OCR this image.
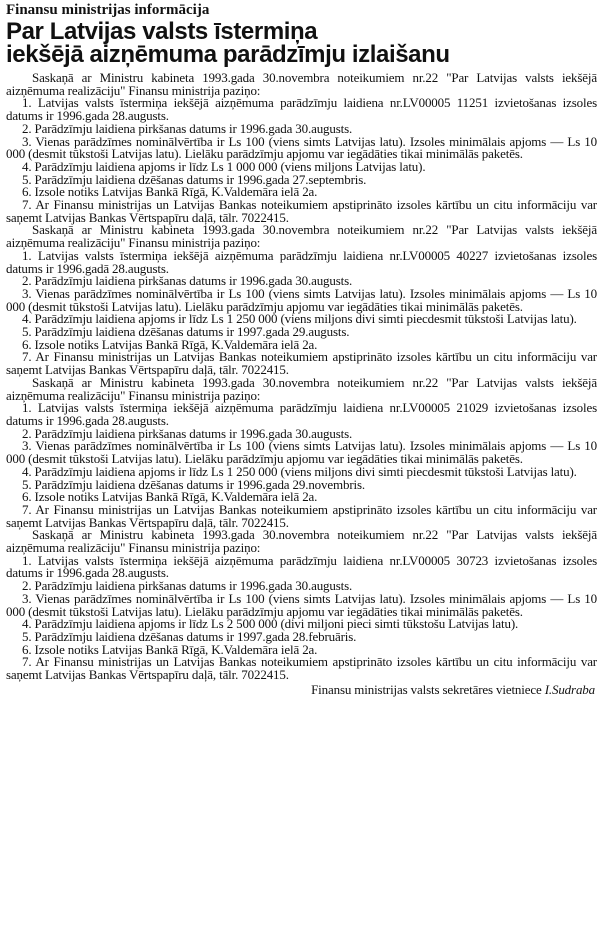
Finansu ministrijas informācija
Par Latvijas valsts īstermiņa
iekšējā aizņēmuma parādzīmju izlaišanu

Saskaņā ar Ministru kabineta 1993.gada 30.novembra noteikumiem nr.22 "Par Latvijas valsts iekšējā aizņēmuma realizāciju" Finansu ministrija paziņo:

1. Latvijas valsts īstermiņa iekšējā aizņēmuma parādzīmju laidiena nr.LV00005 11251 izvietošanas izsoles datums ir 1996.gada 28.augusts.

2. Parādzīmju laidiena pirkšanas datums ir 1996.gada 30.augusts.

3. Vienas parādzīmes nominālvērtība ir Ls 100 (viens simts Latvijas latu). Izsoles minimālais apjoms — Ls 10 000 (desmit tūkstoši Latvijas latu). Lielāku parādzīmju apjomu var iegādāties tikai minimālās paketēs.

4. Parādzīmju laidiena apjoms ir līdz Ls 1 000 000 (viens miljons Latvijas latu).

5. Parādzīmju laidiena dzēšanas datums ir 1996.gada 27.septembris.

6. Izsole notiks Latvijas Bankā Rīgā, K.Valdemāra ielā 2a.

7. Ar Finansu ministrijas un Latvijas Bankas noteikumiem apstiprināto izsoles kārtību un citu informāciju var saņemt Latvijas Bankas Vērtspapīru daļā, tālr. 7022415.

Saskaņā ar Ministru kabineta 1993.gada 30.novembra noteikumiem nr.22 "Par Latvijas valsts iekšējā aizņēmuma realizāciju" Finansu ministrija paziņo:

1. Latvijas valsts īstermiņa iekšējā aizņēmuma parādzīmju laidiena nr.LV00005 40227 izvietošanas izsoles datums ir 1996.gadā 28.augusts.

2. Parādzīmju laidiena pirkšanas datums ir 1996.gada 30.augusts.

3. Vienas parādzīmes nominālvērtība ir Ls 100 (viens simts Latvijas latu). Izsoles minimālais apjoms — Ls 10 000 (desmit tūkstoši Latvijas latu). Lielāku parādzīmju apjomu var iegādāties tikai minimālās paketēs.

4. Parādzīmju laidiena apjoms ir līdz Ls 1 250 000 (viens miljons divi simti piecdesmit tūkstoši Latvijas latu).

5. Parādzīmju laidiena dzēšanas datums ir 1997.gada 29.augusts.

6. Izsole notiks Latvijas Bankā Rīgā, K.Valdemāra ielā 2a.

7. Ar Finansu ministrijas un Latvijas Bankas noteikumiem apstiprināto izsoles kārtību un citu informāciju var saņemt Latvijas Bankas Vērtspapīru daļā, tālr. 7022415.

Saskaņā ar Ministru kabineta 1993.gada 30.novembra noteikumiem nr.22 "Par Latvijas valsts iekšējā aizņēmuma realizāciju" Finansu ministrija paziņo:

1. Latvijas valsts īstermiņa iekšējā aizņēmuma parādzīmju laidiena nr.LV00005 21029 izvietošanas izsoles datums ir 1996.gada 28.augusts.

2. Parādzīmju laidiena pirkšanas datums ir 1996.gada 30.augusts.

3. Vienas parādzīmes nominālvērtība ir Ls 100 (viens simts Latvijas latu). Izsoles minimālais apjoms — Ls 10 000 (desmit tūkstoši Latvijas latu). Lielāku parādzīmju apjomu var iegādāties tikai minimālās paketēs.

4. Parādzīmju laidiena apjoms ir līdz Ls 1 250 000 (viens miljons divi simti piecdesmit tūkstoši Latvijas latu).

5. Parādzīmju laidiena dzēšanas datums ir 1996.gada 29.novembris.

6. Izsole notiks Latvijas Bankā Rīgā, K.Valdemāra ielā 2a.

7. Ar Finansu ministrijas un Latvijas Bankas noteikumiem apstiprināto izsoles kārtību un citu informāciju var saņemt Latvijas Bankas Vērtspapīru daļā, tālr. 7022415.

Saskaņā ar Ministru kabineta 1993.gada 30.novembra noteikumiem nr.22 "Par Latvijas valsts iekšējā aizņēmuma realizāciju" Finansu ministrija paziņo:

1. Latvijas valsts īstermiņa iekšējā aizņēmuma parādzīmju laidiena nr.LV00005 30723 izvietošanas izsoles datums ir 1996.gada 28.augusts.

2. Parādzīmju laidiena pirkšanas datums ir 1996.gada 30.augusts.

3. Vienas parādzīmes nominālvērtība ir Ls 100 (viens simts Latvijas latu). Izsoles minimālais apjoms — Ls 10 000 (desmit tūkstoši Latvijas latu). Lielāku parādzīmju apjomu var iegādāties tikai minimālās paketēs.

4. Parādzīmju laidiena apjoms ir līdz Ls 2 500 000 (divi miljoni pieci simti tūkstošu Latvijas latu).

5. Parādzīmju laidiena dzēšanas datums ir 1997.gada 28.februāris.

6. Izsole notiks Latvijas Bankā Rīgā, K.Valdemāra ielā 2a.

7. Ar Finansu ministrijas un Latvijas Bankas noteikumiem apstiprināto izsoles kārtību un citu informāciju var saņemt Latvijas Bankas Vērtspapīru daļā, tālr. 7022415.

Finansu ministrijas valsts sekretāres vietniece I.Sudraba
